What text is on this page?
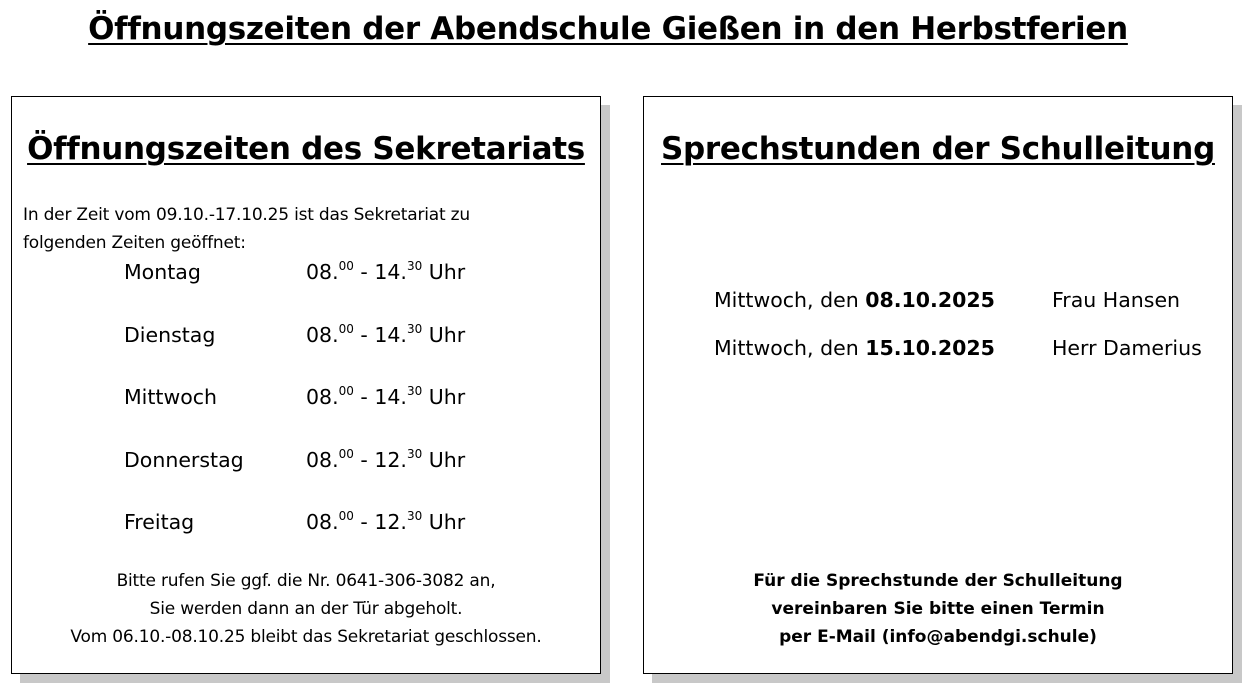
Öffnungszeiten der Abendschule Gießen in den Herbstferien
Öffnungszeiten des Sekretariats
In der Zeit vom 09.10.-17.10.25 ist das Sekretariat zu
folgenden Zeiten geöffnet:
Montag	08.00 - 14.30 Uhr
Dienstag	08.00 - 14.30 Uhr
Mittwoch	08.00 - 14.30 Uhr
Donnerstag	08.00 - 12.30 Uhr
Freitag	08.00 - 12.30 Uhr
Bitte rufen Sie ggf. die Nr. 0641-306-3082 an,
Sie werden dann an der Tür abgeholt.
Vom 06.10.-08.10.25 bleibt das Sekretariat geschlossen.
Sprechstunden der Schulleitung
Mittwoch, den 08.10.2025	Frau Hansen
Mittwoch, den 15.10.2025	Herr Damerius
Für die Sprechstunde der Schulleitung
vereinbaren Sie bitte einen Termin
per E-Mail (info@abendgi.schule)
